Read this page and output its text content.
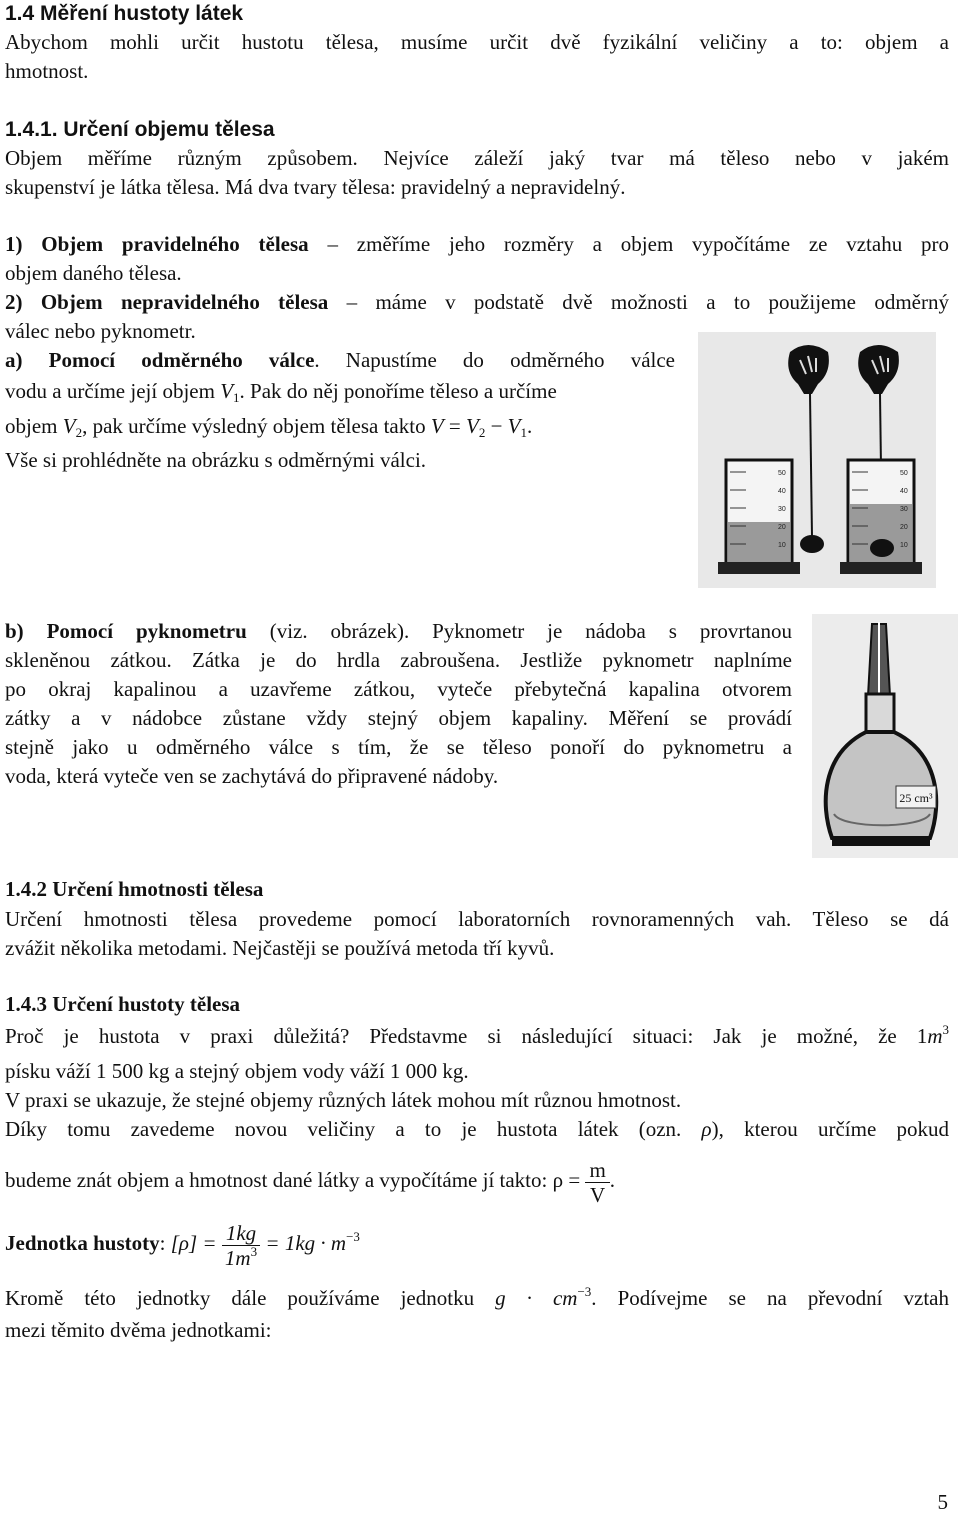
1.4 Měření hustoty látek
Abychom mohli určit hustotu tělesa, musíme určit dvě fyzikální veličiny a to: objem a
hmotnost.
1.4.1. Určení objemu tělesa
Objem měříme různým způsobem. Nejvíce záleží jaký tvar má těleso nebo v jakém
skupenství je látka tělesa. Má dva tvary tělesa: pravidelný a nepravidelný.
1) Objem pravidelného tělesa – změříme jeho rozměry a objem vypočítáme ze vztahu pro
objem daného tělesa.
2) Objem nepravidelného tělesa – máme v podstatě dvě možnosti a to použijeme odměrný
válec nebo pyknometr.
a) Pomocí odměrného válce. Napustíme do odměrného válce
vodu a určíme její objem $V_1$. Pak do něj ponoříme těleso a určíme
objem $V_2$, pak určíme výsledný objem tělesa takto $V = V_2 - V_1$.
Vše si prohlédněte na obrázku s odměrnými válci.
50
40
30
20
10
50
40
30
20
10
b) Pomocí pyknometru (viz. obrázek). Pyknometr je nádoba s provrtanou
skleněnou zátkou. Zátka je do hrdla zabroušena. Jestliže pyknometr naplníme
po okraj kapalinou a uzavřeme zátkou, vyteče přebytečná kapalina otvorem
zátky a v nádobce zůstane vždy stejný objem kapaliny. Měření se provádí
stejně jako u odměrného válce s tím, že se těleso ponoří do pyknometru a
voda, která vyteče ven se zachytává do připravené nádoby.
25 cm³
1.4.2 Určení hmotnosti tělesa
Určení hmotnosti tělesa provedeme pomocí laboratorních rovnoramenných vah. Těleso se dá
zvážit několika metodami. Nejčastěji se používá metoda tří kyvů.
1.4.3 Určení hustoty tělesa
Proč je hustota v praxi důležitá? Představme si následující situaci: Jak je možné, že $1m^3$
písku váží 1 500 kg a stejný objem vody váží 1 000 kg.
V praxi se ukazuje, že stejné objemy různých látek mohou mít různou hmotnost.
Díky tomu zavedeme novou veličiny a to je hustota látek (ozn. ρ), kterou určíme pokud
budeme znát objem a hmotnost dané látky a vypočítáme jí takto: $\rho = \frac{m}{V}$ .
Jednotka hustoty: $[\rho] = \frac{1kg}{1m^3} = 1kg \cdot m^{-3}$
Kromě této jednotky dále používáme jednotku $g \cdot cm^{-3}$. Podívejme se na převodní vztah
mezi těmito dvěma jednotkami:
5
